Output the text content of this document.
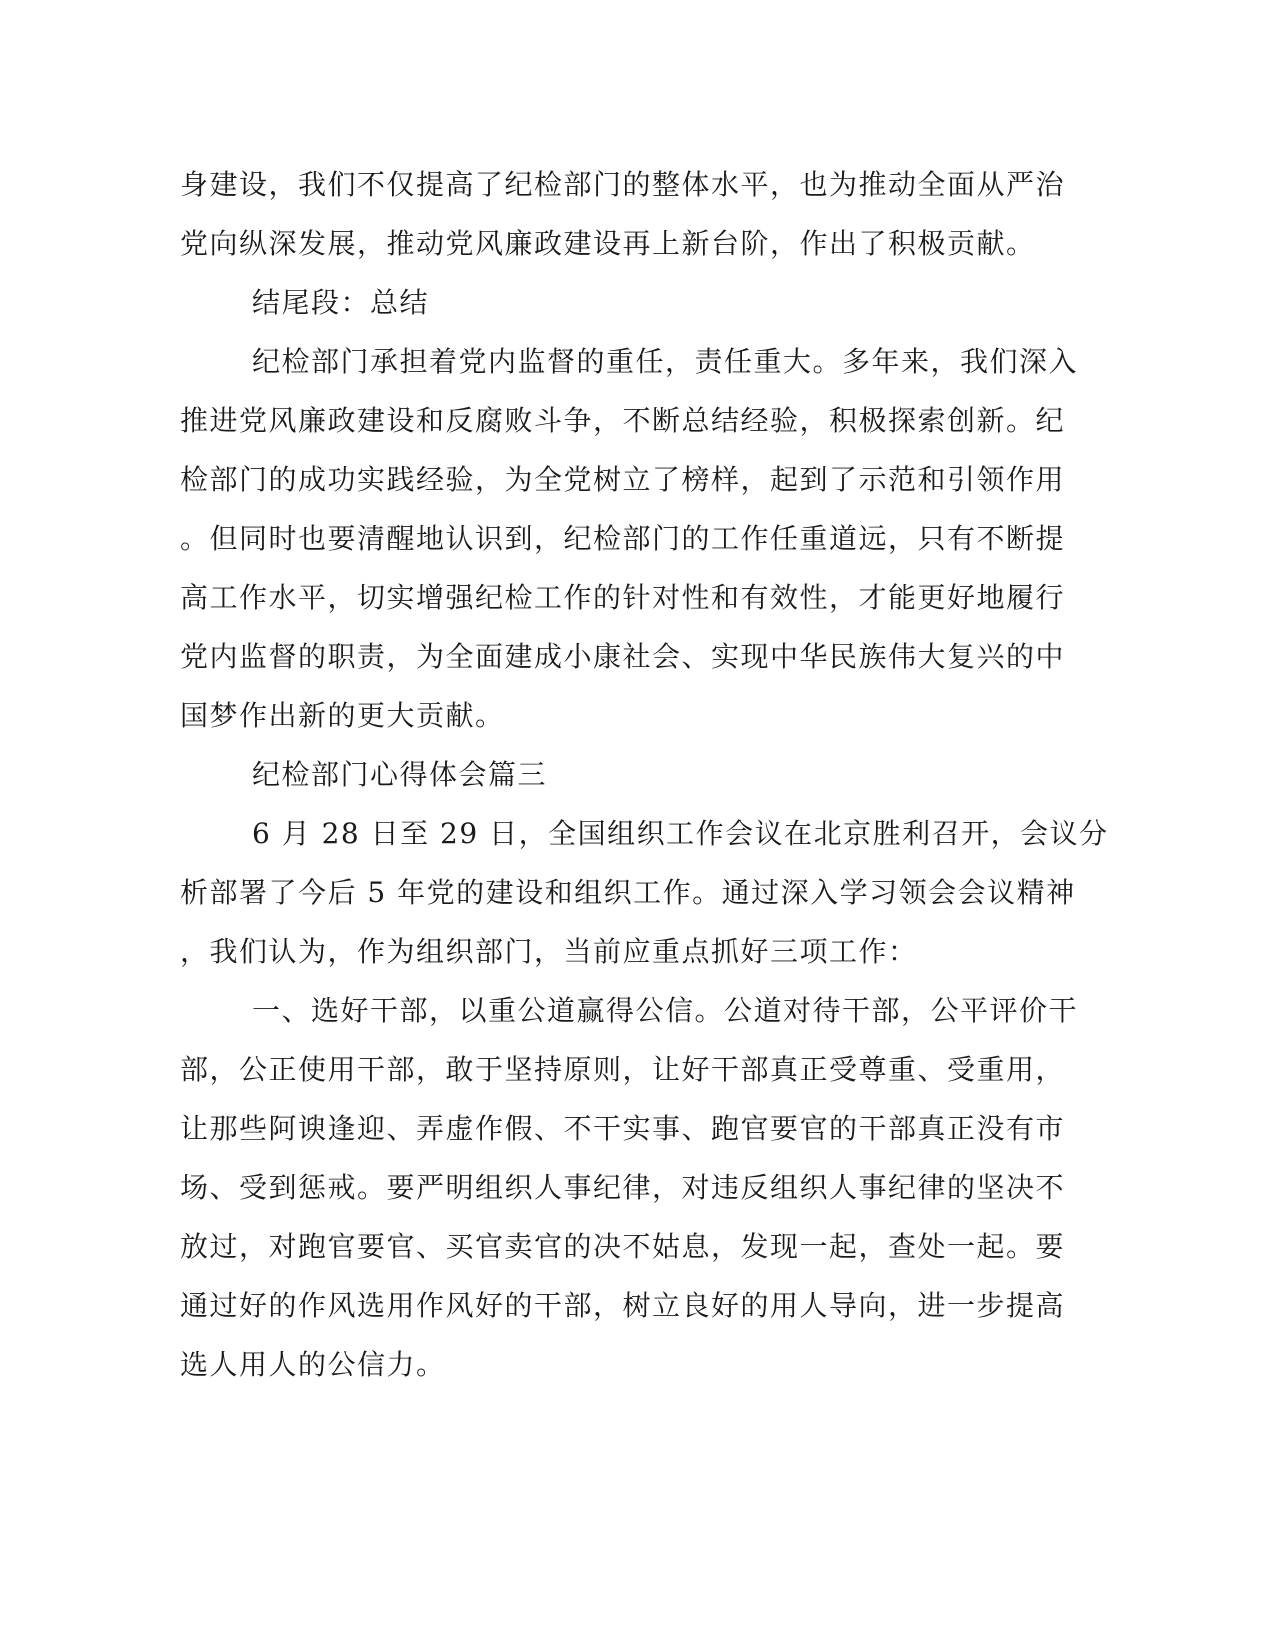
身建设，我们不仅提高了纪检部门的整体水平，也为推动全面从严治
党向纵深发展，推动党风廉政建设再上新台阶，作出了积极贡献。
结尾段：总结
纪检部门承担着党内监督的重任，责任重大。多年来，我们深入
推进党风廉政建设和反腐败斗争，不断总结经验，积极探索创新。纪
检部门的成功实践经验，为全党树立了榜样，起到了示范和引领作用
。但同时也要清醒地认识到，纪检部门的工作任重道远，只有不断提
高工作水平，切实增强纪检工作的针对性和有效性，才能更好地履行
党内监督的职责，为全面建成小康社会、实现中华民族伟大复兴的中
国梦作出新的更大贡献。
纪检部门心得体会篇三
6 月 28 日至 29 日，全国组织工作会议在北京胜利召开，会议分
析部署了今后 5 年党的建设和组织工作。通过深入学习领会会议精神
，我们认为，作为组织部门，当前应重点抓好三项工作：
一、选好干部，以重公道赢得公信。公道对待干部，公平评价干
部，公正使用干部，敢于坚持原则，让好干部真正受尊重、受重用，
让那些阿谀逢迎、弄虚作假、不干实事、跑官要官的干部真正没有市
场、受到惩戒。要严明组织人事纪律，对违反组织人事纪律的坚决不
放过，对跑官要官、买官卖官的决不姑息，发现一起，查处一起。要
通过好的作风选用作风好的干部，树立良好的用人导向，进一步提高
选人用人的公信力。
